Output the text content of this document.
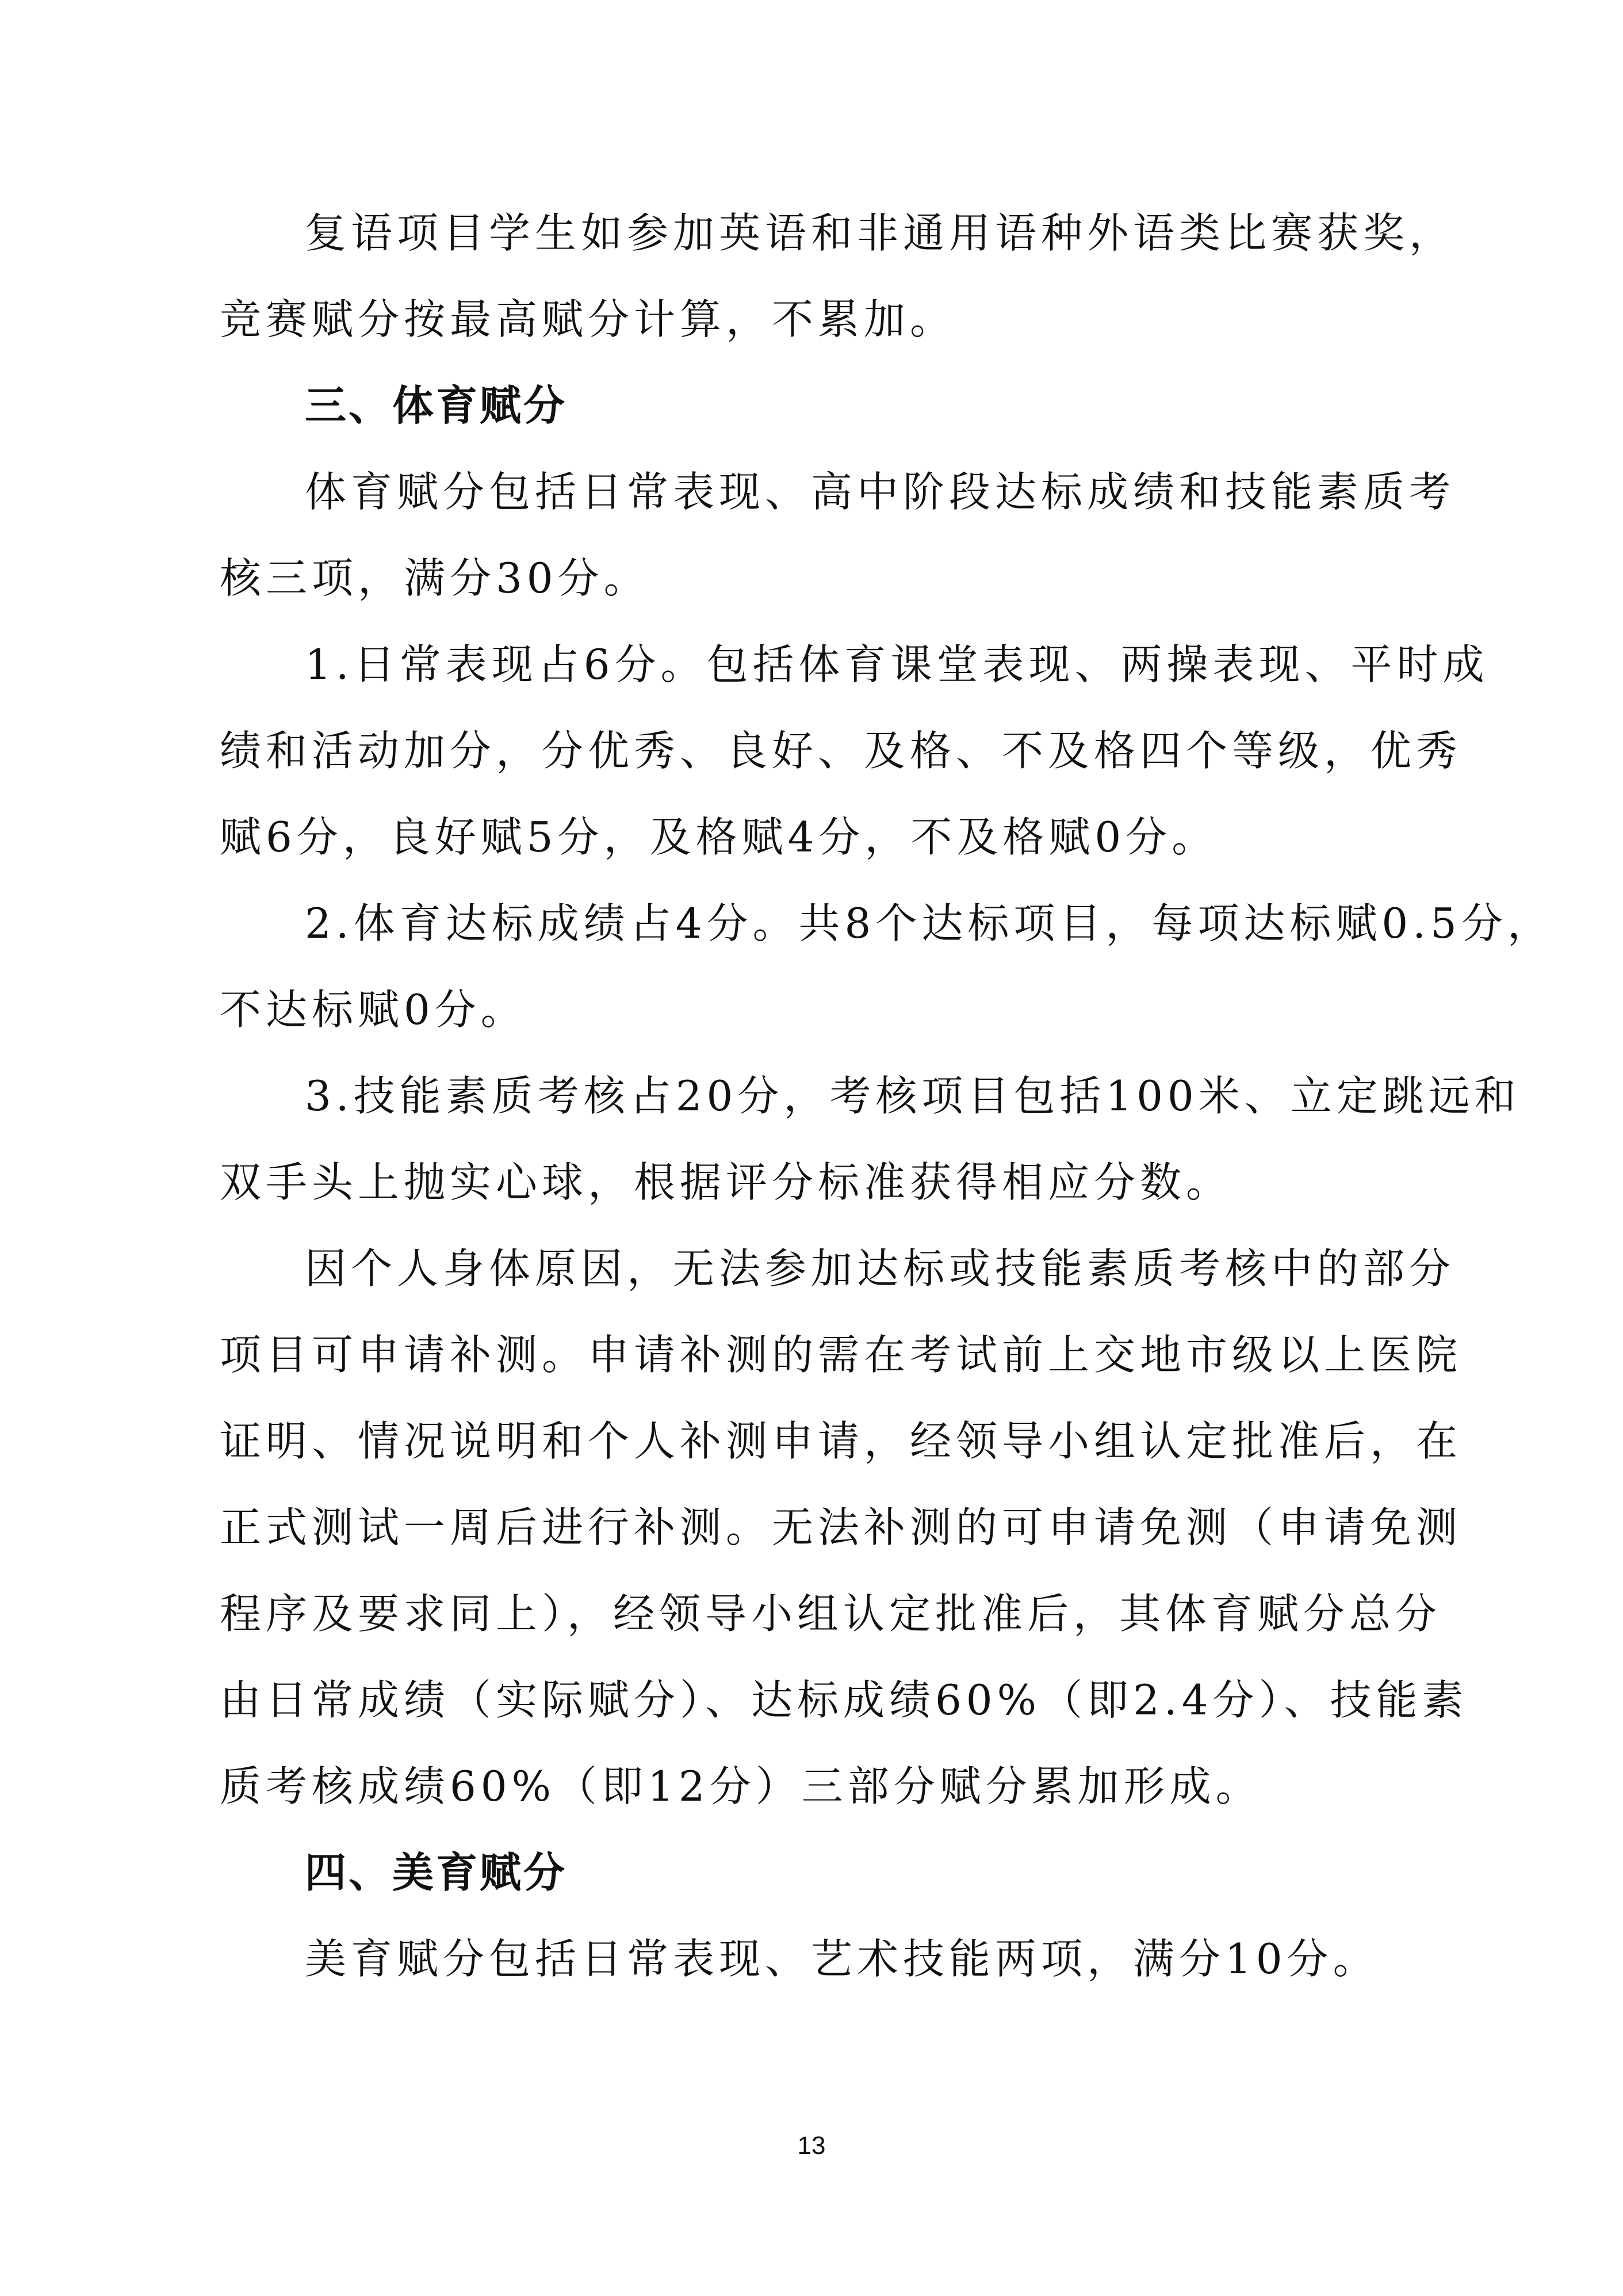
复语项目学生如参加英语和非通用语种外语类比赛获奖，
竞赛赋分按最高赋分计算，不累加。
三、体育赋分
体育赋分包括日常表现、高中阶段达标成绩和技能素质考
核三项，满分30分。
1.日常表现占6分。包括体育课堂表现、两操表现、平时成
绩和活动加分，分优秀、良好、及格、不及格四个等级，优秀
赋6分，良好赋5分，及格赋4分，不及格赋0分。
2.体育达标成绩占4分。共8个达标项目，每项达标赋0.5分，
不达标赋0分。
3.技能素质考核占20分，考核项目包括100米、立定跳远和
双手头上抛实心球，根据评分标准获得相应分数。
因个人身体原因，无法参加达标或技能素质考核中的部分
项目可申请补测。申请补测的需在考试前上交地市级以上医院
证明、情况说明和个人补测申请，经领导小组认定批准后，在
正式测试一周后进行补测。无法补测的可申请免测（申请免测
程序及要求同上），经领导小组认定批准后，其体育赋分总分
由日常成绩（实际赋分）、达标成绩60%（即2.4分）、技能素
质考核成绩60%（即12分）三部分赋分累加形成。
四、美育赋分
美育赋分包括日常表现、艺术技能两项，满分10分。
13
